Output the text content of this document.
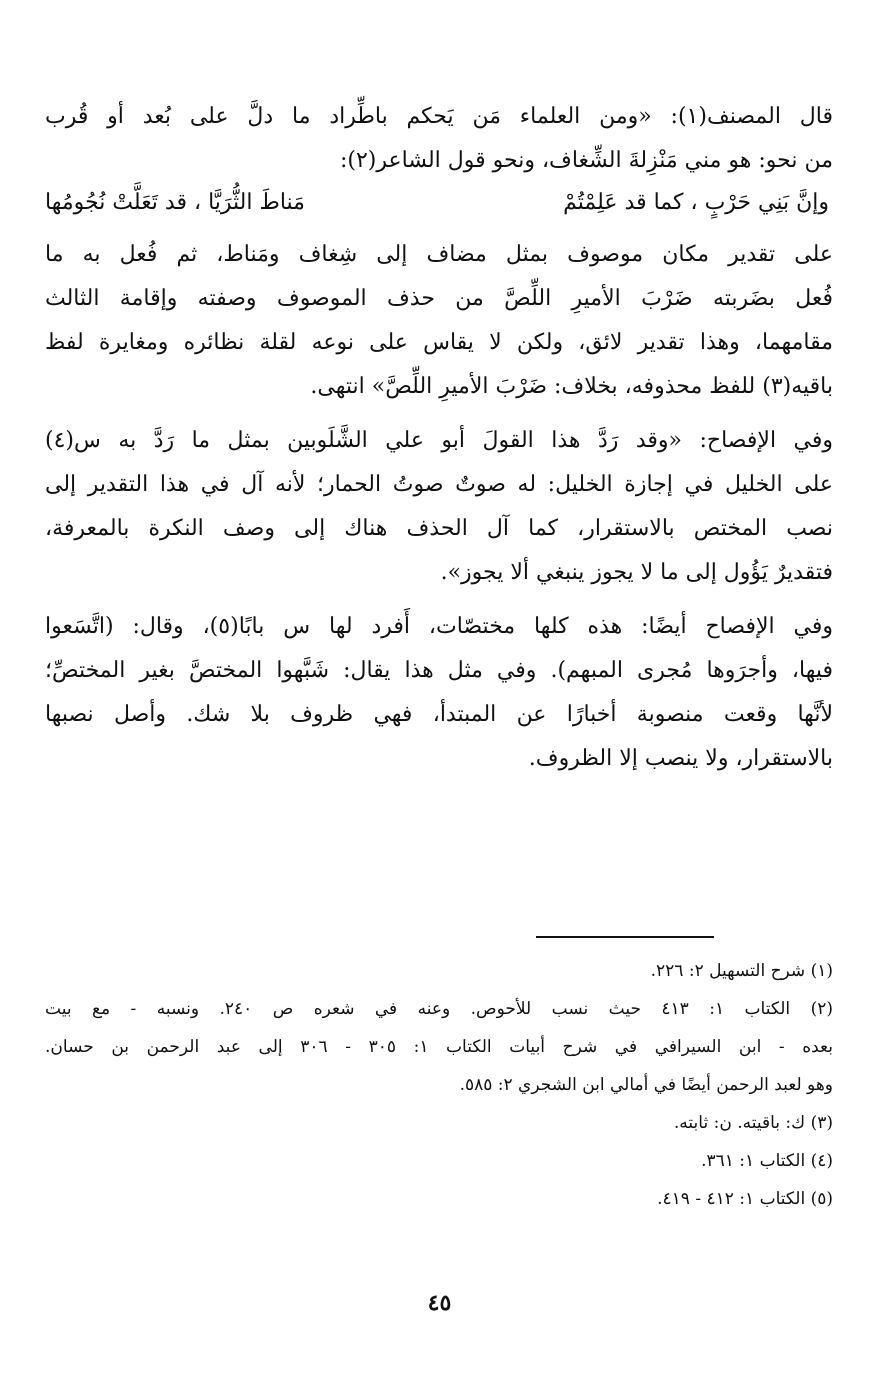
قال المصنف(١): «ومن العلماء مَن يَحكم باطِّراد ما دلَّ على بُعد أو قُرب
من نحو: هو مني مَنْزِلةَ الشِّغاف، ونحو قول الشاعر(٢):
وإنَّ بَنِي حَرْبٍ ، كما قد عَلِمْتُمْ
مَناطَ الثُّرَيَّا ، قد تَعَلَّتْ نُجُومُها
على تقدير مكان موصوف بمثل مضاف إلى شِغاف ومَناط، ثم فُعل به ما
فُعل بضَربته ضَرْبَ الأميرِ اللِّصَّ من حذف الموصوف وصفته وإقامة الثالث
مقامهما، وهذا تقدير لائق، ولكن لا يقاس على نوعه لقلة نظائره ومغايرة لفظ
باقيه(٣) للفظ محذوفه، بخلاف: ضَرْبَ الأميرِ اللِّصَّ» انتهى.
وفي الإفصاح: «وقد رَدَّ هذا القولَ أبو علي الشَّلَوبين بمثل ما رَدَّ به س(٤)
على الخليل في إجازة الخليل: له صوتٌ صوتُ الحمار؛ لأنه آل في هذا التقدير إلى
نصب المختص بالاستقرار، كما آل الحذف هناك إلى وصف النكرة بالمعرفة،
فتقديرٌ يَؤُول إلى ما لا يجوز ينبغي ألا يجوز».
وفي الإفصاح أيضًا: هذه كلها مختصّات، أَفرد لها س بابًا(٥)، وقال: (اتَّسَعوا
فيها، وأجرَوها مُجرى المبهم). وفي مثل هذا يقال: شَبَّهوا المختصَّ بغير المختصِّ؛
لأنَّها وقعت منصوبة أخبارًا عن المبتدأ، فهي ظروف بلا شك. وأصل نصبها
بالاستقرار، ولا ينصب إلا الظروف.
(١) شرح التسهيل ٢: ٢٢٦.
(٢) الكتاب ١: ٤١٣ حيث نسب للأحوص. وعنه في شعره ص ٢٤٠. ونسبه - مع بيت
بعده - ابن السيرافي في شرح أبيات الكتاب ١: ٣٠٥ - ٣٠٦ إلى عبد الرحمن بن حسان.
وهو لعبد الرحمن أيضًا في أمالي ابن الشجري ٢: ٥٨٥.
(٣) ك: باقيته. ن: ثابته.
(٤) الكتاب ١: ٣٦١.
(٥) الكتاب ١: ٤١٢ - ٤١٩.
٤٥
